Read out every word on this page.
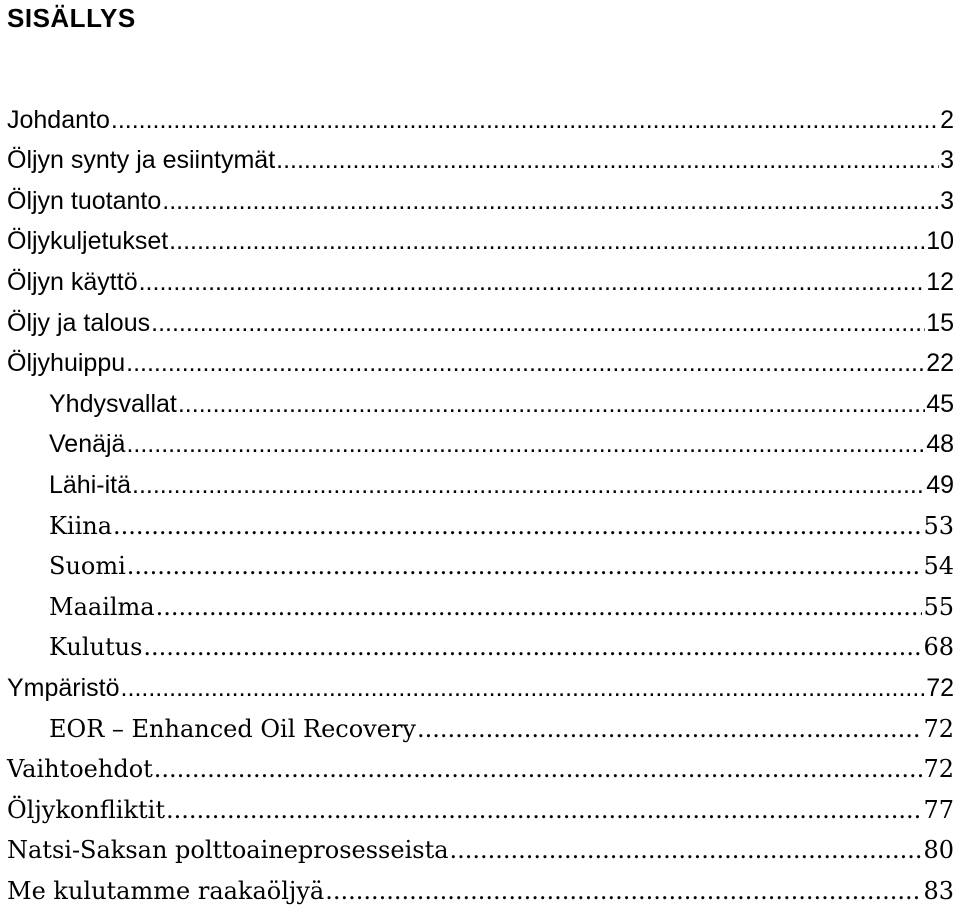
SISÄLLYS
Johdanto .....	2
Öljyn synty ja esiintymät .....	3
Öljyn tuotanto .....	3
Öljykuljetukset .....	10
Öljyn käyttö .....	12
Öljy ja talous .....	15
Öljyhuippu .....	22
Yhdysvallat .....	45
Venäjä .....	48
Lähi-itä .....	49
Kiina .....	53
Suomi .....	54
Maailma .....	55
Kulutus .....	68
Ympäristö .....	72
EOR – Enhanced Oil Recovery .....	72
Vaihtoehdot .....	72
Öljykonfliktit .....	77
Natsi-Saksan polttoaineprosesseista .....	80
Me kulutamme raakaöljyä .....	83
